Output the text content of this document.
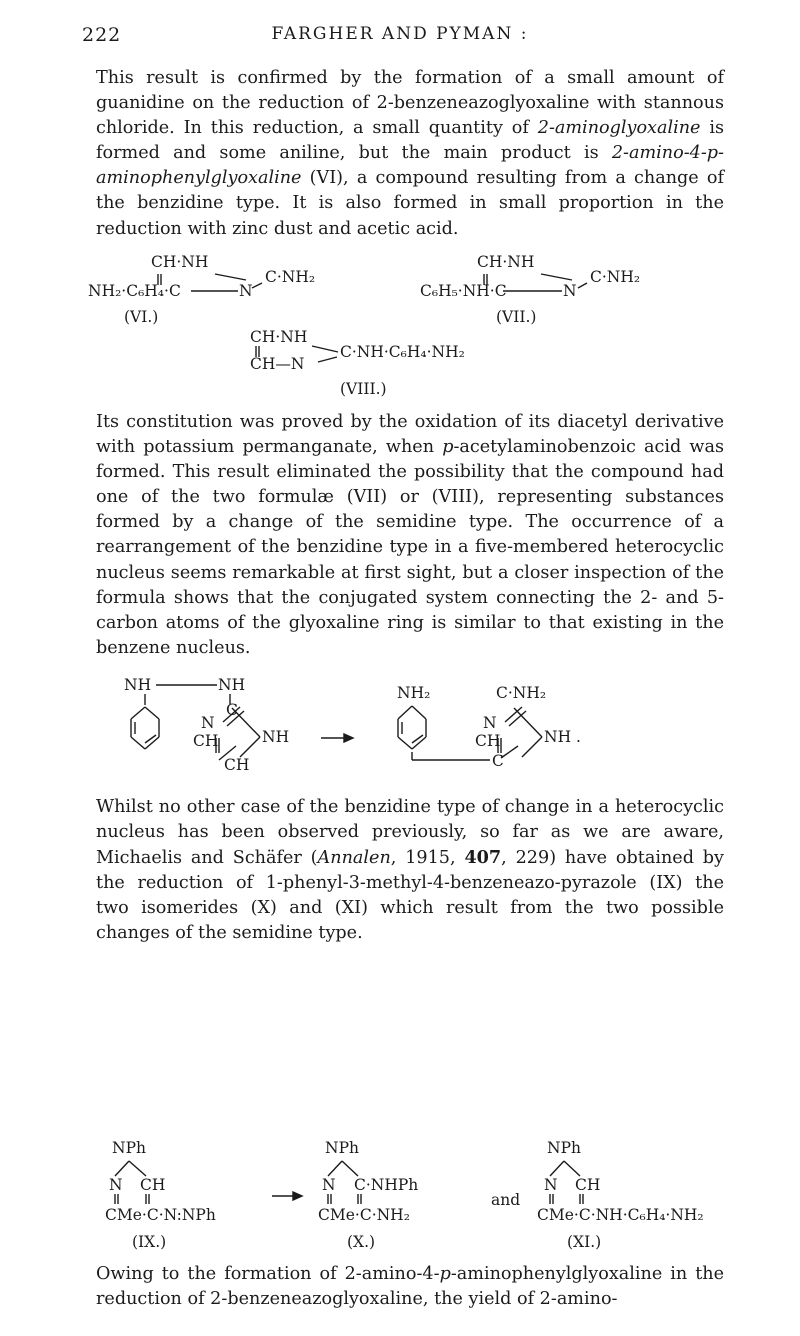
222	FARGHER AND PYMAN :

This result is confirmed by the formation of a small amount of guanidine on the reduction of 2-benzeneazoglyoxaline with stannous chloride. In this reduction, a small quantity of 2-aminoglyoxaline is formed and some aniline, but the main product is 2-amino-4-p-aminophenylglyoxaline (VI), a compound resulting from a change of the benzidine type. It is also formed in small proportion in the reduction with zinc dust and acetic acid.

CH·NH
NH₂·C₆H₄·C	N
C·NH₂
(VI.)
CH·NH
C₆H₅·NH·C	N
C·NH₂
(VII.)
CH·NH
CH—N
C·NH·C₆H₄·NH₂
(VIII.)

Its constitution was proved by the oxidation of its diacetyl derivative with potassium permanganate, when p-acetylaminobenzoic acid was formed. This result eliminated the possibility that the compound had one of the two formulæ (VII) or (VIII), representing substances formed by a change of the semidine type. The occurrence of a rearrangement of the benzidine type in a five-membered heterocyclic nucleus seems remarkable at first sight, but a closer inspection of the formula shows that the conjugated system connecting the 2- and 5-carbon atoms of the glyoxaline ring is similar to that existing in the benzene nucleus.

NH	NH
C
N
CH	NH
CH
NH₂	C·NH₂
N
CH	NH .
C

Whilst no other case of the benzidine type of change in a heterocyclic nucleus has been observed previously, so far as we are aware, Michaelis and Schäfer (Annalen, 1915, 407, 229) have obtained by the reduction of 1-phenyl-3-methyl-4-benzeneazo-pyrazole (IX) the two isomerides (X) and (XI) which result from the two possible changes of the semidine type.

NPh
N CH
CMe·C·N:NPh
(IX.)
NPh
N C·NHPh
CMe·C·NH₂
(X.)
and
NPh
N CH
CMe·C·NH·C₆H₄·NH₂
(XI.)

Owing to the formation of 2-amino-4-p-aminophenylglyoxaline in the reduction of 2-benzeneazoglyoxaline, the yield of 2-amino-
